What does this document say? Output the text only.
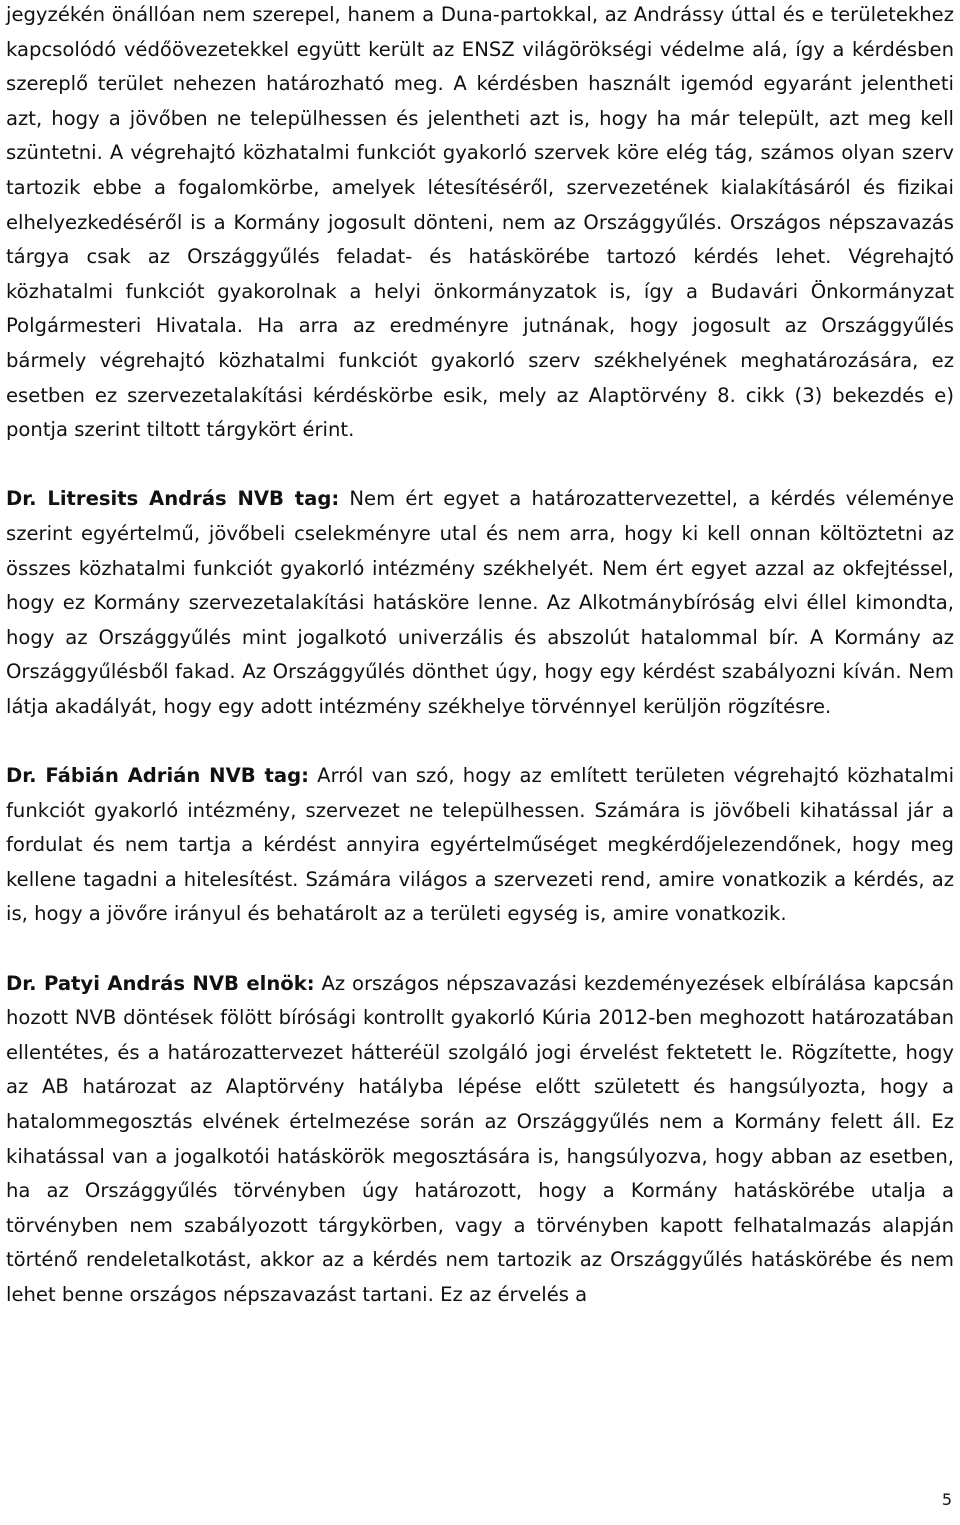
jegyzékén önállóan nem szerepel, hanem a Duna-partokkal, az Andrássy úttal és e területekhez kapcsolódó védőövezetekkel együtt került az ENSZ világörökségi védelme alá, így a kérdésben szereplő terület nehezen határozható meg. A kérdésben használt igemód egyaránt jelentheti azt, hogy a jövőben ne települhessen és jelentheti azt is, hogy ha már települt, azt meg kell szüntetni. A végrehajtó közhatalmi funkciót gyakorló szervek köre elég tág, számos olyan szerv tartozik ebbe a fogalomkörbe, amelyek létesítéséről, szervezetének kialakításáról és fizikai elhelyezkedéséről is a Kormány jogosult dönteni, nem az Országgyűlés. Országos népszavazás tárgya csak az Országgyűlés feladat- és hatáskörébe tartozó kérdés lehet. Végrehajtó közhatalmi funkciót gyakorolnak a helyi önkormányzatok is, így a Budavári Önkormányzat Polgármesteri Hivatala. Ha arra az eredményre jutnának, hogy jogosult az Országgyűlés bármely végrehajtó közhatalmi funkciót gyakorló szerv székhelyének meghatározására, ez esetben ez szervezetalakítási kérdéskörbe esik, mely az Alaptörvény 8. cikk (3) bekezdés e) pontja szerint tiltott tárgykört érint.

Dr. Litresits András NVB tag: Nem ért egyet a határozattervezettel, a kérdés véleménye szerint egyértelmű, jövőbeli cselekményre utal és nem arra, hogy ki kell onnan költöztetni az összes közhatalmi funkciót gyakorló intézmény székhelyét. Nem ért egyet azzal az okfejtéssel, hogy ez Kormány szervezetalakítási hatásköre lenne. Az Alkotmánybíróság elvi éllel kimondta, hogy az Országgyűlés mint jogalkotó univerzális és abszolút hatalommal bír. A Kormány az Országgyűlésből fakad. Az Országgyűlés dönthet úgy, hogy egy kérdést szabályozni kíván. Nem látja akadályát, hogy egy adott intézmény székhelye törvénnyel kerüljön rögzítésre.

Dr. Fábián Adrián NVB tag: Arról van szó, hogy az említett területen végrehajtó közhatalmi funkciót gyakorló intézmény, szervezet ne települhessen. Számára is jövőbeli kihatással jár a fordulat és nem tartja a kérdést annyira egyértelműséget megkérdőjelezendőnek, hogy meg kellene tagadni a hitelesítést. Számára világos a szervezeti rend, amire vonatkozik a kérdés, az is, hogy a jövőre irányul és behatárolt az a területi egység is, amire vonatkozik.

Dr. Patyi András NVB elnök: Az országos népszavazási kezdeményezések elbírálása kapcsán hozott NVB döntések fölött bírósági kontrollt gyakorló Kúria 2012-ben meghozott határozatában ellentétes, és a határozattervezet hátteréül szolgáló jogi érvelést fektetett le. Rögzítette, hogy az AB határozat az Alaptörvény hatályba lépése előtt született és hangsúlyozta, hogy a hatalommegosztás elvének értelmezése során az Országgyűlés nem a Kormány felett áll. Ez kihatással van a jogalkotói hatáskörök megosztására is, hangsúlyozva, hogy abban az esetben, ha az Országgyűlés törvényben úgy határozott, hogy a Kormány hatáskörébe utalja a törvényben nem szabályozott tárgykörben, vagy a törvényben kapott felhatalmazás alapján történő rendeletalkotást, akkor az a kérdés nem tartozik az Országgyűlés hatáskörébe és nem lehet benne országos népszavazást tartani. Ez az érvelés a

5
